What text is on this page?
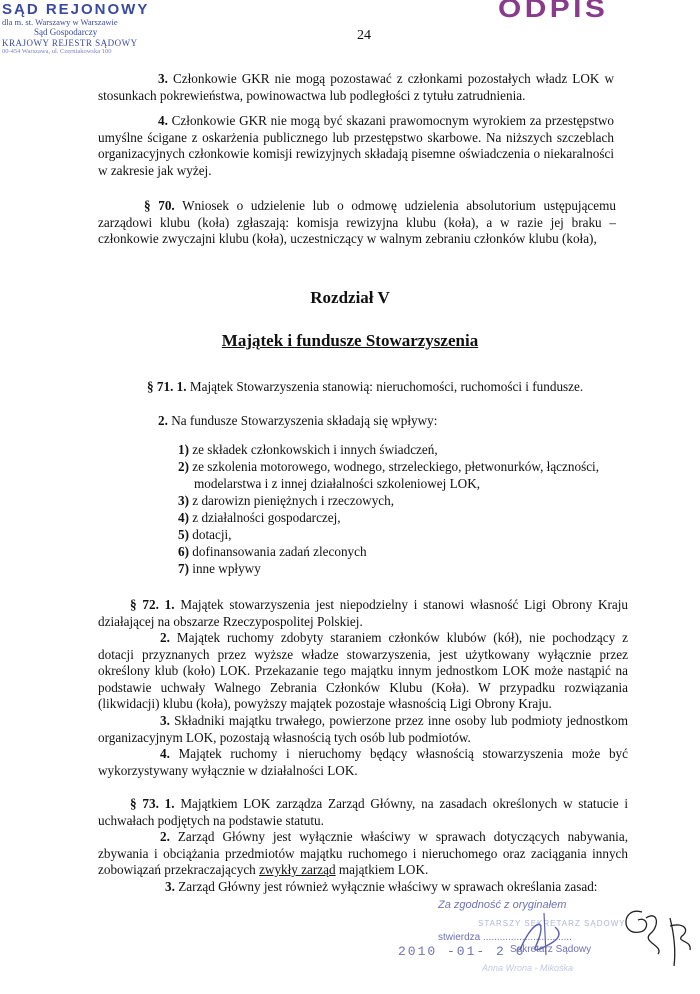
SĄD REJONOWY
dla m. st. Warszawy w Warszawie
Sąd Gospodarczy
KRAJOWY REJESTR SĄDOWY
00-454 Warszawa, ul. Czerniakowska 100
ODPIS
24

3. Członkowie GKR nie mogą pozostawać z członkami pozostałych władz LOK w stosunkach pokrewieństwa, powinowactwa lub podległości z tytułu zatrudnienia.

4. Członkowie GKR nie mogą być skazani prawomocnym wyrokiem za przestępstwo umyślne ścigane z oskarżenia publicznego lub przestępstwo skarbowe. Na niższych szczeblach organizacyjnych członkowie komisji rewizyjnych składają pisemne oświadczenia o niekaralności w zakresie jak wyżej.

§ 70. Wniosek o udzielenie lub o odmowę udzielenia absolutorium ustępującemu zarządowi klubu (koła) zgłaszają: komisja rewizyjna klubu (koła), a w razie jej braku – członkowie zwyczajni klubu (koła), uczestniczący w walnym zebraniu członków klubu (koła),

Rozdział V
Majątek i fundusze Stowarzyszenia

§ 71. 1. Majątek Stowarzyszenia stanowią: nieruchomości, ruchomości i fundusze.

2. Na fundusze Stowarzyszenia składają się wpływy:

1) ze składek członkowskich i innych świadczeń,
2) ze szkolenia motorowego, wodnego, strzeleckiego, płetwonurków, łączności,
modelarstwa i z innej działalności szkoleniowej LOK,
3) z darowizn pieniężnych i rzeczowych,
4) z działalności gospodarczej,
5) dotacji,
6) dofinansowania zadań zleconych
7) inne wpływy

§ 72. 1. Majątek stowarzyszenia jest niepodzielny i stanowi własność Ligi Obrony Kraju działającej na obszarze Rzeczypospolitej Polskiej.

2. Majątek ruchomy zdobyty staraniem członków klubów (kół), nie pochodzący z dotacji przyznanych przez wyższe władze stowarzyszenia, jest użytkowany wyłącznie przez określony klub (koło) LOK. Przekazanie tego majątku innym jednostkom LOK może nastąpić na podstawie uchwały Walnego Zebrania Członków Klubu (Koła). W przypadku rozwiązania (likwidacji) klubu (koła), powyższy majątek pozostaje własnością Ligi Obrony Kraju.

3. Składniki majątku trwałego, powierzone przez inne osoby lub podmioty jednostkom organizacyjnym LOK, pozostają własnością tych osób lub podmiotów.

4. Majątek ruchomy i nieruchomy będący własnością stowarzyszenia może być wykorzystywany wyłącznie w działalności LOK.

§ 73. 1. Majątkiem LOK zarządza Zarząd Główny, na zasadach określonych w statucie i uchwałach podjętych na podstawie statutu.

2. Zarząd Główny jest wyłącznie właściwy w sprawach dotyczących nabywania, zbywania i obciążania przedmiotów majątku ruchomego i nieruchomego oraz zaciągania innych zobowiązań przekraczających zwykły zarząd majątkiem LOK.

3. Zarząd Główny jest również wyłącznie właściwy w sprawach określania zasad:

Za zgodność z oryginałem
STARSZY SEKRETARZ SĄDOWY
stwierdza ................................
2010 -01- 2 6
Sekretarz Sądowy
Anna Wrona - Mikośka
